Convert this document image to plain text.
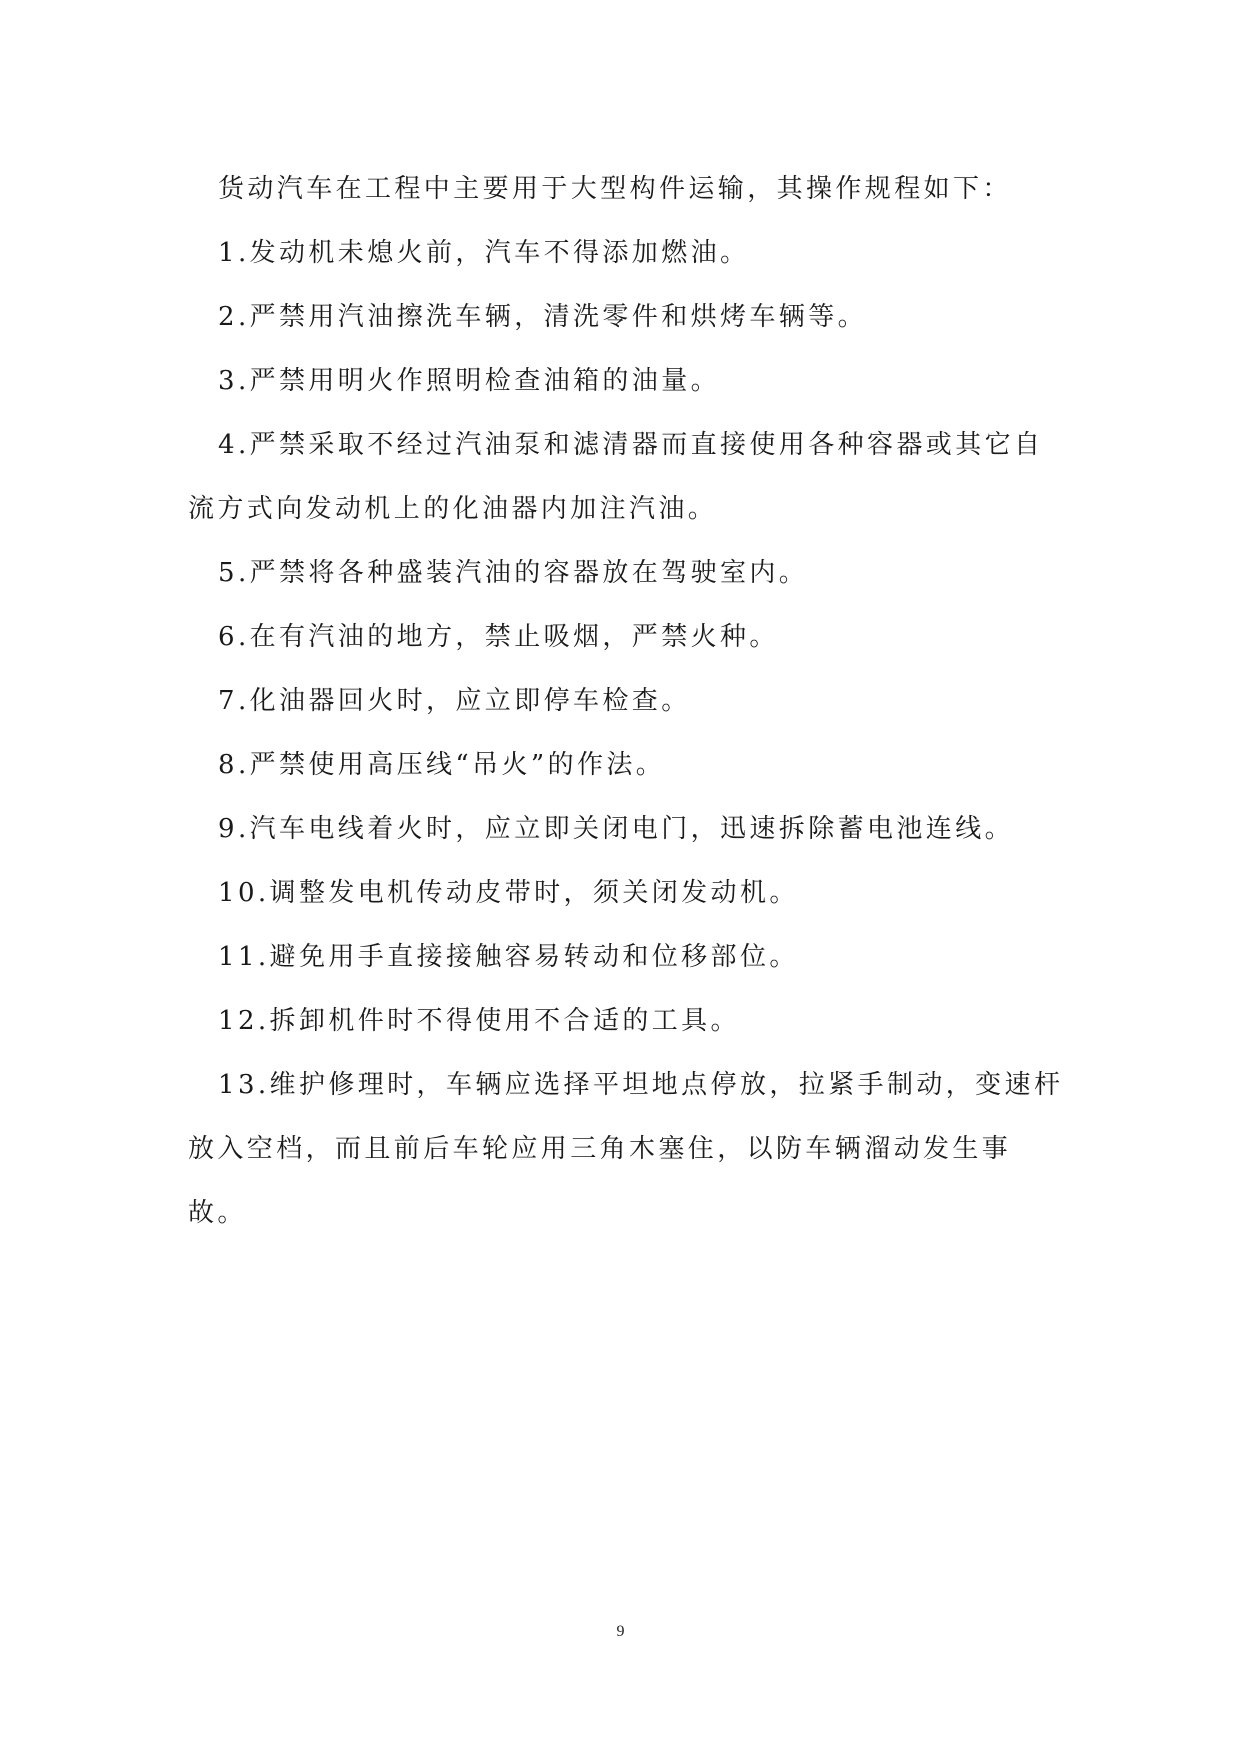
货动汽车在工程中主要用于大型构件运输，其操作规程如下：

1.发动机未熄火前，汽车不得添加燃油。

2.严禁用汽油擦洗车辆，清洗零件和烘烤车辆等。

3.严禁用明火作照明检查油箱的油量。

4.严禁采取不经过汽油泵和滤清器而直接使用各种容器或其它自流方式向发动机上的化油器内加注汽油。

5.严禁将各种盛装汽油的容器放在驾驶室内。

6.在有汽油的地方，禁止吸烟，严禁火种。

7.化油器回火时，应立即停车检查。

8.严禁使用高压线“吊火”的作法。

9.汽车电线着火时，应立即关闭电门，迅速拆除蓄电池连线。

10.调整发电机传动皮带时，须关闭发动机。

11.避免用手直接接触容易转动和位移部位。

12.拆卸机件时不得使用不合适的工具。

13.维护修理时，车辆应选择平坦地点停放，拉紧手制动，变速杆放入空档，而且前后车轮应用三角木塞住，以防车辆溜动发生事故。

9
